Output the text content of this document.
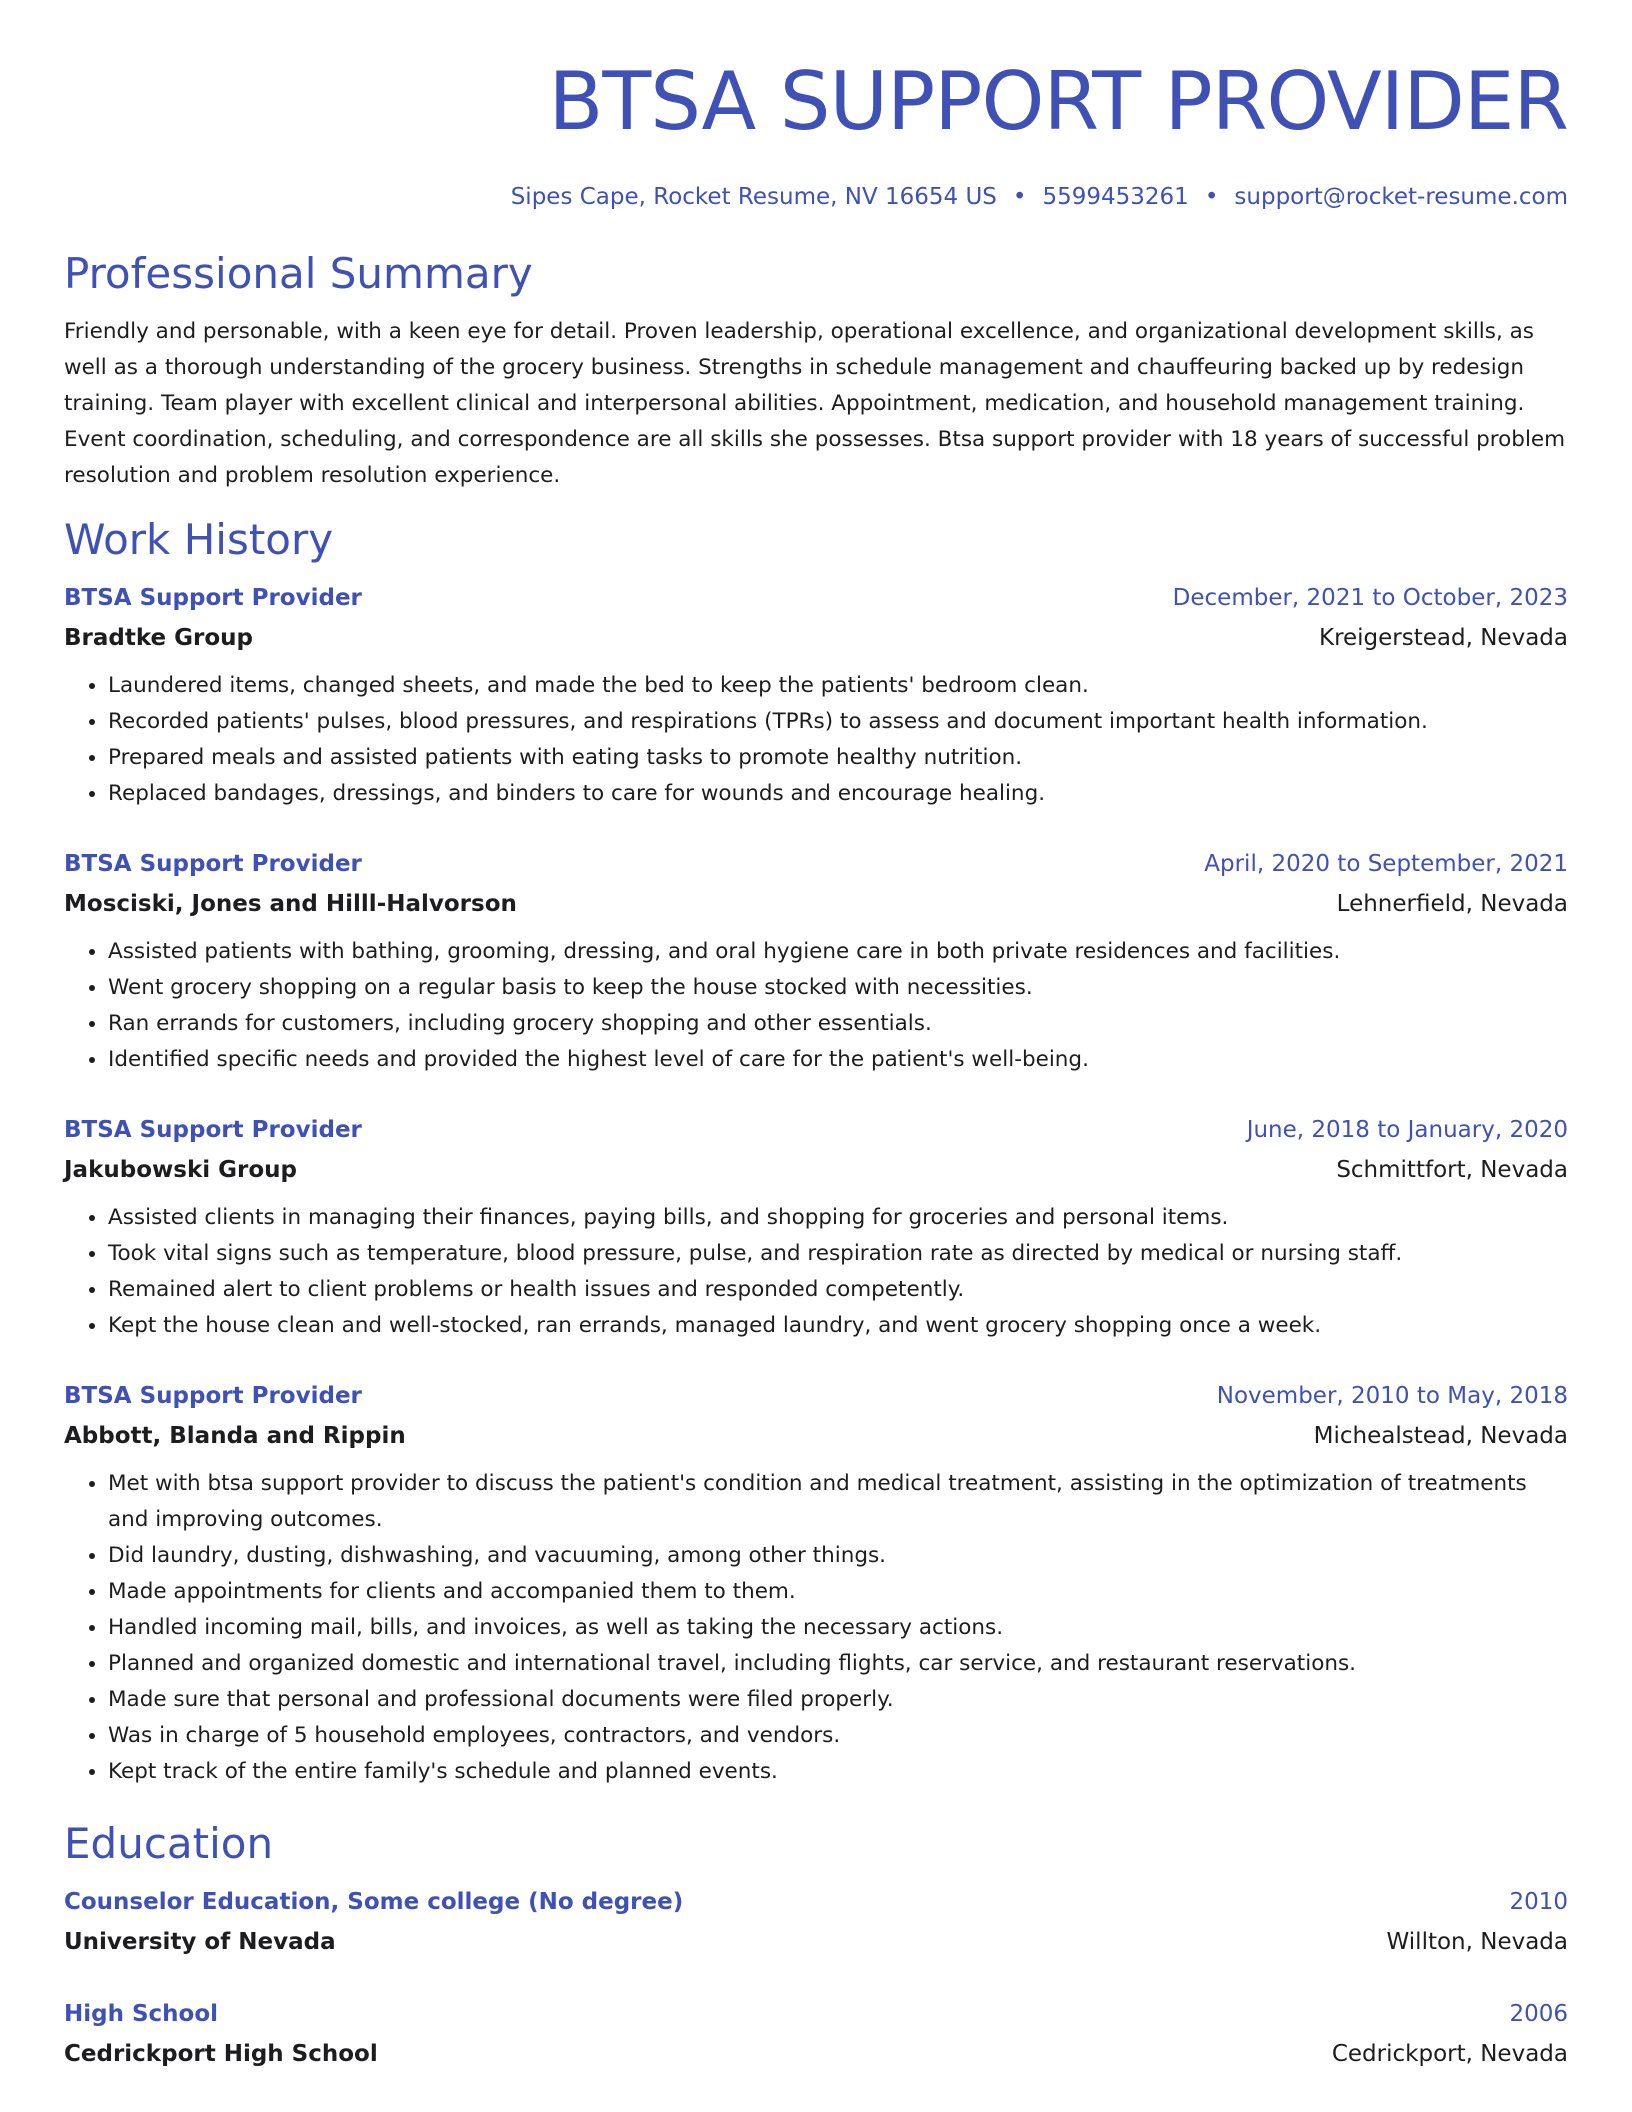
BTSA SUPPORT PROVIDER
Sipes Cape, Rocket Resume, NV 16654 US • 5599453261 • support@rocket-resume.com
Professional Summary
Friendly and personable, with a keen eye for detail. Proven leadership, operational excellence, and organizational development skills, as well as a thorough understanding of the grocery business. Strengths in schedule management and chauffeuring backed up by redesign training. Team player with excellent clinical and interpersonal abilities. Appointment, medication, and household management training. Event coordination, scheduling, and correspondence are all skills she possesses. Btsa support provider with 18 years of successful problem resolution and problem resolution experience.
Work History
BTSA Support Provider	December, 2021 to October, 2023
Bradtke Group	Kreigerstead, Nevada
• Laundered items, changed sheets, and made the bed to keep the patients' bedroom clean.
• Recorded patients' pulses, blood pressures, and respirations (TPRs) to assess and document important health information.
• Prepared meals and assisted patients with eating tasks to promote healthy nutrition.
• Replaced bandages, dressings, and binders to care for wounds and encourage healing.
BTSA Support Provider	April, 2020 to September, 2021
Mosciski, Jones and Hilll-Halvorson	Lehnerfield, Nevada
• Assisted patients with bathing, grooming, dressing, and oral hygiene care in both private residences and facilities.
• Went grocery shopping on a regular basis to keep the house stocked with necessities.
• Ran errands for customers, including grocery shopping and other essentials.
• Identified specific needs and provided the highest level of care for the patient's well-being.
BTSA Support Provider	June, 2018 to January, 2020
Jakubowski Group	Schmittfort, Nevada
• Assisted clients in managing their finances, paying bills, and shopping for groceries and personal items.
• Took vital signs such as temperature, blood pressure, pulse, and respiration rate as directed by medical or nursing staff.
• Remained alert to client problems or health issues and responded competently.
• Kept the house clean and well-stocked, ran errands, managed laundry, and went grocery shopping once a week.
BTSA Support Provider	November, 2010 to May, 2018
Abbott, Blanda and Rippin	Michealstead, Nevada
• Met with btsa support provider to discuss the patient's condition and medical treatment, assisting in the optimization of treatments and improving outcomes.
• Did laundry, dusting, dishwashing, and vacuuming, among other things.
• Made appointments for clients and accompanied them to them.
• Handled incoming mail, bills, and invoices, as well as taking the necessary actions.
• Planned and organized domestic and international travel, including flights, car service, and restaurant reservations.
• Made sure that personal and professional documents were filed properly.
• Was in charge of 5 household employees, contractors, and vendors.
• Kept track of the entire family's schedule and planned events.
Education
Counselor Education, Some college (No degree)	2010
University of Nevada	Willton, Nevada
High School	2006
Cedrickport High School	Cedrickport, Nevada
